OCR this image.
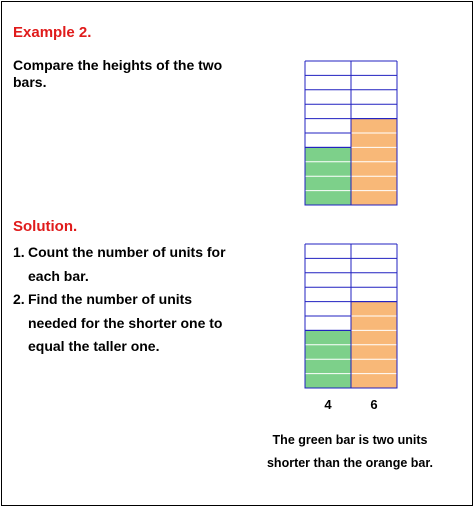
Example 2.

Compare the heights of the two

bars.

Solution.

1. Count the number of units for
each bar.
2. Find the number of units
needed for the shorter one to
equal the taller one.
4	6

The green bar is two units
shorter than the orange bar.
